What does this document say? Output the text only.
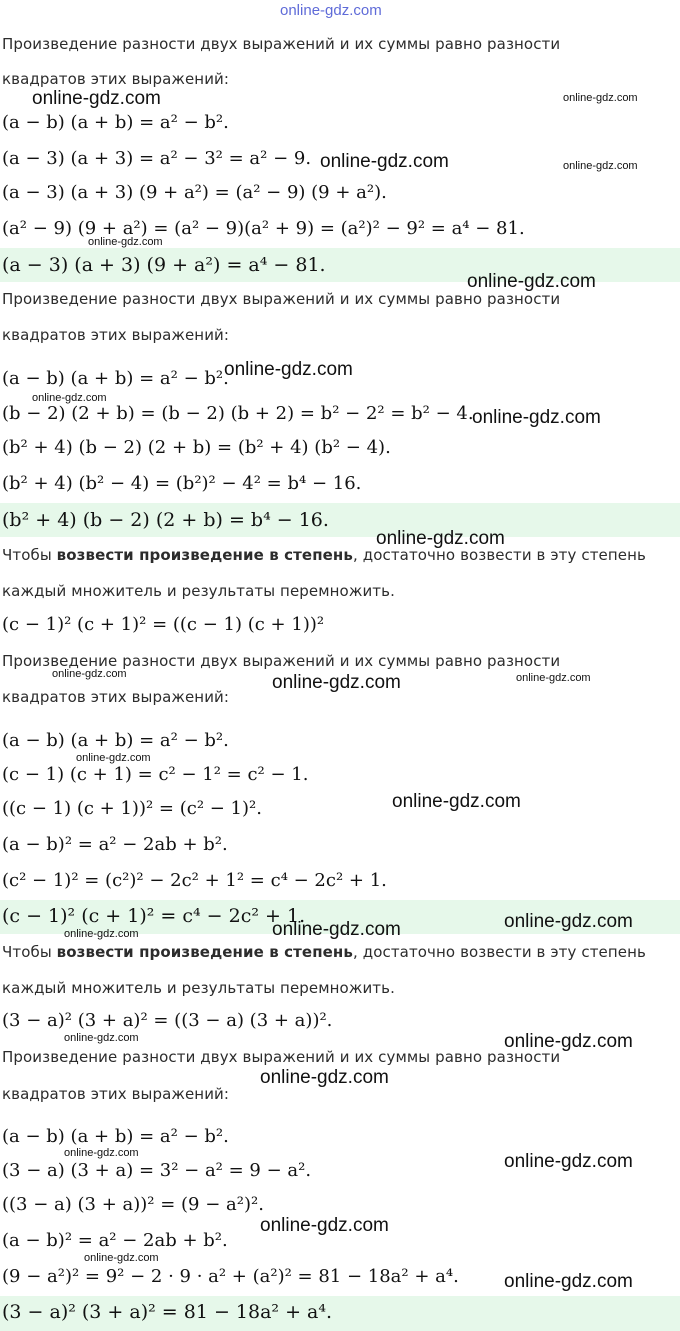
online-gdz.com
Произведение разности двух выражений и их суммы равно разности
квадратов этих выражений:
(a − b) (a + b) = a² − b².
(a − 3) (a + 3) = a² − 3² = a² − 9.
(a − 3) (a + 3) (9 + a²) = (a² − 9) (9 + a²).
(a² − 9) (9 + a²) = (a² − 9)(a² + 9) = (a²)² − 9² = a⁴ − 81.
(a − 3) (a + 3) (9 + a²) = a⁴ − 81.
Произведение разности двух выражений и их суммы равно разности
квадратов этих выражений:
(a − b) (a + b) = a² − b².
(b − 2) (2 + b) = (b − 2) (b + 2) = b² − 2² = b² − 4.
(b² + 4) (b − 2) (2 + b) = (b² + 4) (b² − 4).
(b² + 4) (b² − 4) = (b²)² − 4² = b⁴ − 16.
(b² + 4) (b − 2) (2 + b) = b⁴ − 16.
Чтобы возвести произведение в степень, достаточно возвести в эту степень
каждый множитель и результаты перемножить.
(c − 1)² (c + 1)² = ((c − 1) (c + 1))²
Произведение разности двух выражений и их суммы равно разности
квадратов этих выражений:
(a − b) (a + b) = a² − b².
(c − 1) (c + 1) = c² − 1² = c² − 1.
((c − 1) (c + 1))² = (c² − 1)².
(a − b)² = a² − 2ab + b².
(c² − 1)² = (c²)² − 2c² + 1² = c⁴ − 2c² + 1.
(c − 1)² (c + 1)² = c⁴ − 2c² + 1.
Чтобы возвести произведение в степень, достаточно возвести в эту степень
каждый множитель и результаты перемножить.
(3 − a)² (3 + a)² = ((3 − a) (3 + a))².
Произведение разности двух выражений и их суммы равно разности
квадратов этих выражений:
(a − b) (a + b) = a² − b².
(3 − a) (3 + a) = 3² − a² = 9 − a².
((3 − a) (3 + a))² = (9 − a²)².
(a − b)² = a² − 2ab + b².
(9 − a²)² = 9² − 2 · 9 · a² + (a²)² = 81 − 18a² + a⁴.
(3 − a)² (3 + a)² = 81 − 18a² + a⁴.
online-gdz.com	online-gdz.com
online-gdz.com	online-gdz.com
online-gdz.com
online-gdz.com
online-gdz.com
online-gdz.com
online-gdz.com
online-gdz.com
online-gdz.com	online-gdz.com	online-gdz.com
online-gdz.com
online-gdz.com
online-gdz.com
online-gdz.com
online-gdz.com
online-gdz.com	online-gdz.com
online-gdz.com
online-gdz.com	online-gdz.com
online-gdz.com
online-gdz.com
online-gdz.com
